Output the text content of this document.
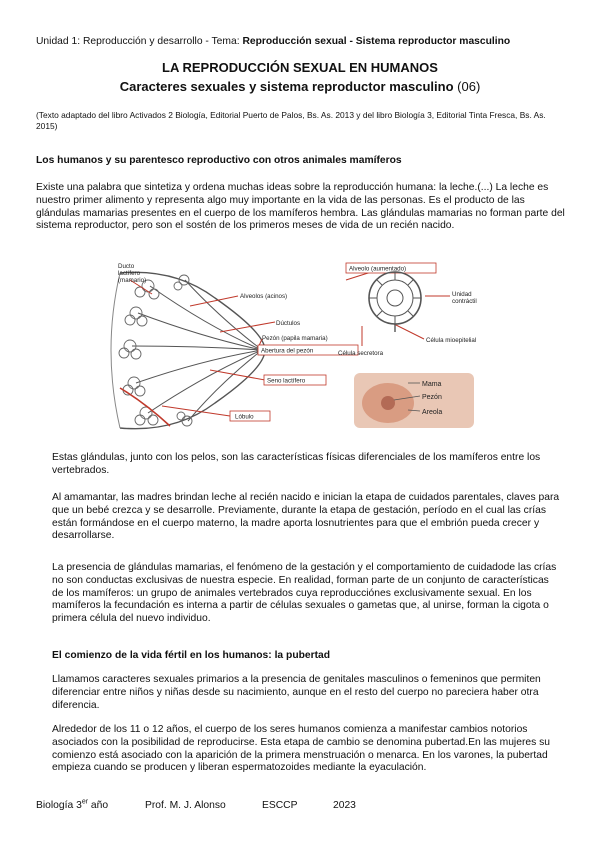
Unidad 1: Reproducción y desarrollo - Tema: Reproducción sexual - Sistema reproductor masculino
LA REPRODUCCIÓN SEXUAL EN HUMANOS
Caracteres sexuales y sistema reproductor masculino (06)
(Texto adaptado del libro Activados 2 Biología, Editorial Puerto de Palos, Bs. As. 2013 y del libro Biología 3, Editorial Tinta Fresca, Bs. As. 2015)
Los humanos y su parentesco reproductivo con otros animales mamíferos
Existe una palabra que sintetiza y ordena muchas ideas sobre la reproducción humana: la leche.(...) La leche es nuestro primer alimento y representa algo muy importante en la vida de las personas. Es el producto de las glándulas mamarias presentes en el cuerpo de los mamíferos hembra. Las glándulas mamarias no forman parte del sistema reproductor, pero son el sostén de los primeros meses de vida de un recién nacido.
Ducto
lactífero
(mamario)
Alveolos (acinos)
Dúctulos
Pezón (papila mamaria)
Abertura del pezón
Seno lactífero
Lóbulo
Alveolo (aumentado)
Unidad
contráctil
Célula mioepitelial
Célula secretora
Mama
Pezón
Areola
Estas glándulas, junto con los pelos, son las características físicas diferenciales de los mamíferos entre los vertebrados.
Al amamantar, las madres brindan leche al recién nacido e inician la etapa de cuidados parentales, claves para que un bebé crezca y se desarrolle. Previamente, durante la etapa de gestación, período en el cual las crías están formándose en el cuerpo materno, la madre aporta losnutrientes para que el embrión pueda crecer y desarrollarse.
La presencia de glándulas mamarias, el fenómeno de la gestación y el comportamiento de cuidadode las crías no son conductas exclusivas de nuestra especie. En realidad, forman parte de un conjunto de características de los mamíferos: un grupo de animales vertebrados cuya reproducciónes exclusivamente sexual. En los mamíferos la fecundación es interna a partir de células sexuales o gametas que, al unirse, forman la cigota o primera célula del nuevo individuo.
El comienzo de la vida fértil en los humanos: la pubertad
Llamamos caracteres sexuales primarios a la presencia de genitales masculinos o femeninos que permiten diferenciar entre niños y niñas desde su nacimiento, aunque en el resto del cuerpo no pareciera haber otra diferencia.
Alrededor de los 11 o 12 años, el cuerpo de los seres humanos comienza a manifestar cambios notorios asociados con la posibilidad de reproducirse. Esta etapa de cambio se denomina pubertad.En las mujeres su comienzo está asociado con la aparición de la primera menstruación o menarca. En los varones, la pubertad empieza cuando se producen y liberan espermatozoides mediante la eyaculación.
Biología 3er año	Prof. M. J. Alonso	ESCCP	2023
